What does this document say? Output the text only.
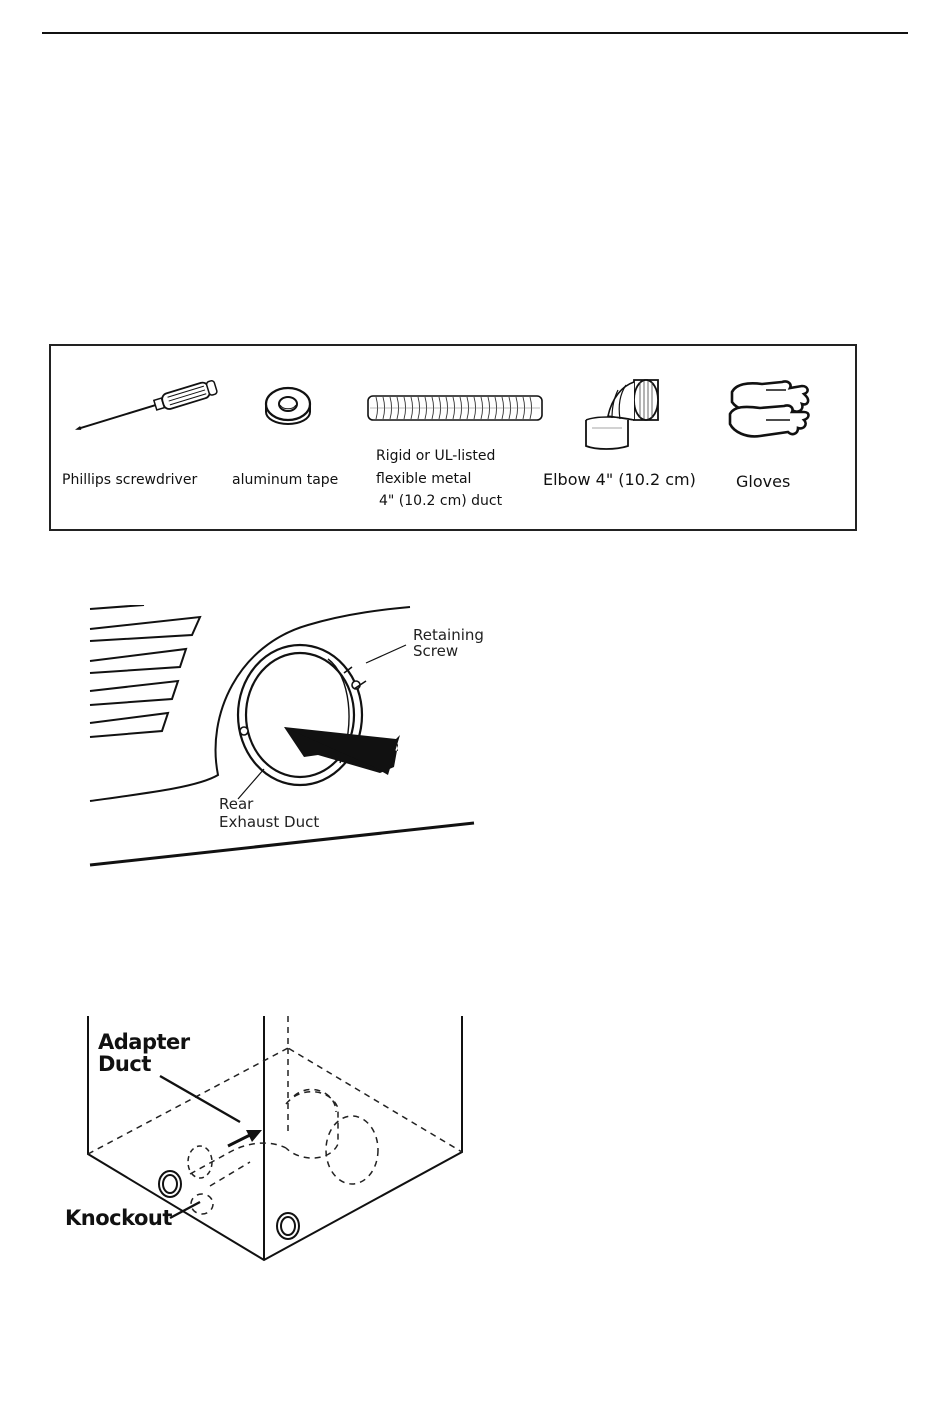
Phillips screwdriver aluminum tape
Rigid or UL-listed
flexible metal
4" (10.2 cm) duct
Elbow 4" (10.2 cm)	Gloves
Retaining
Screw
Rear
Exhaust Duct
Adapter
Duct
Knockout
